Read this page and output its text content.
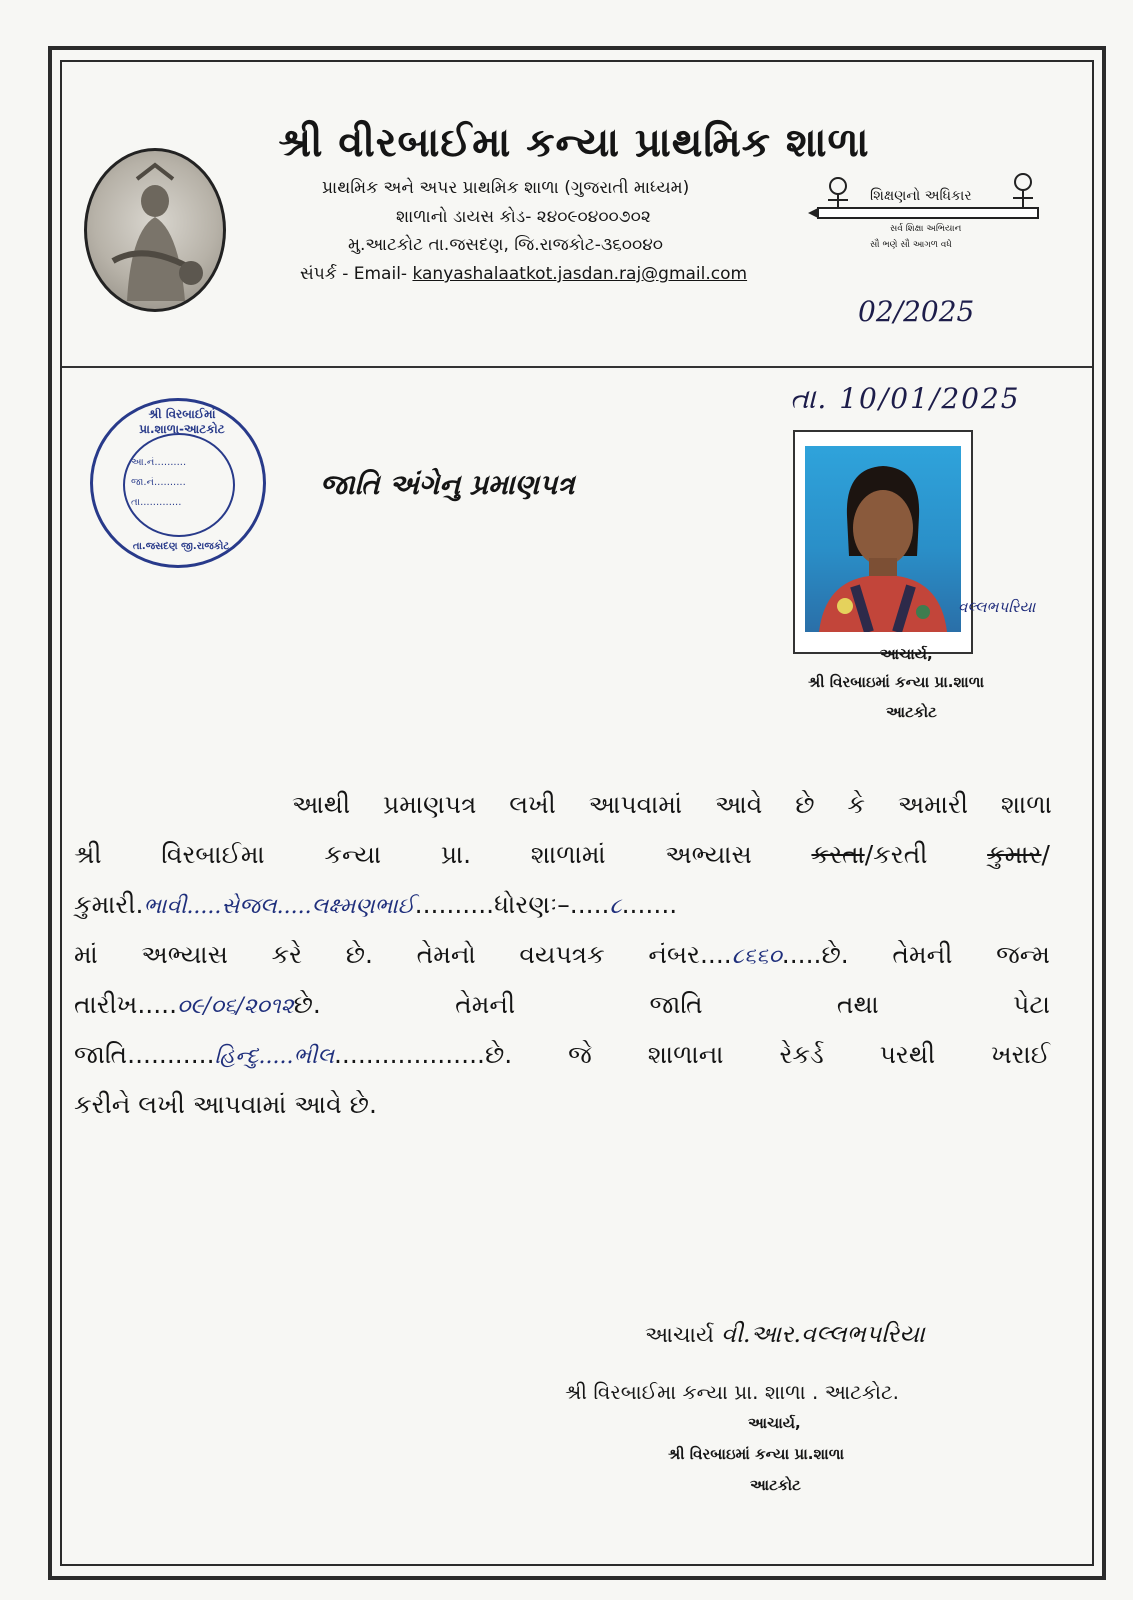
શ્રી વીરબાઈમા કન્યા પ્રાથમિક શાળા
પ્રાથમિક અને અપર પ્રાથમિક શાળા (ગુજરાતી માધ્યમ)
શાળાનો ડાયસ કોડ- ૨૪૦૯૦૪૦૦૭૦૨
મુ.આટકોટ તા.જસદણ, જિ.રાજકોટ-૩૬૦૦૪૦
સંપર્ક - Email- kanyashalaatkot.jasdan.raj@gmail.com
શિક્ષણનો અધિકાર
સર્વ શિક્ષા અભિયાન
સૌ ભણે સૌ આગળ વધે
02/2025
તા. 10/01/2025
શ્રી વિરબાઈમાં પ્રા.શાળા-આટકોટ
આ.નં..........
જા.નં..........
તા.............
તા.જસદણ જી.રાજકોટ
જાતિ અંગેનુ પ્રમાણપત્ર
વલ્લભપરિયા
આચાર્ય,
શ્રી વિરબાઇમાં કન્યા પ્રા.શાળા
આટકોટ
આથી પ્રમાણપત્ર લખી આપવામાં આવે છે કે અમારી શાળા
શ્રી વિરબાઈમા કન્યા પ્રા. શાળામાં અભ્યાસ કરતા/કરતી કુમાર/
કુમારી.ભાવી.....સેજલ.....લક્ષ્મણભાઈ..........ધોરણઃ–.....૮.......
માં અભ્યાસ કરે છે. તેમનો વયપત્રક નંબર....૮૬૬૦.....છે. તેમની જન્મ
તારીખ.....૦૯/૦૬/૨૦૧૨છે.	તેમની	જાતિ	તથા	પેટા
જાતિ...........હિન્દુ.....ભીલ...................છે. જે શાળાના રેકર્ડ પરથી ખરાઈ
કરીને લખી આપવામાં આવે છે.
આચાર્ય વી.આર.વલ્લભપરિયા
શ્રી વિરબાઈમા કન્યા પ્રા. શાળા . આટકોટ.
આચાર્ય,
શ્રી વિરબાઇમાં કન્યા પ્રા.શાળા
આટકોટ
